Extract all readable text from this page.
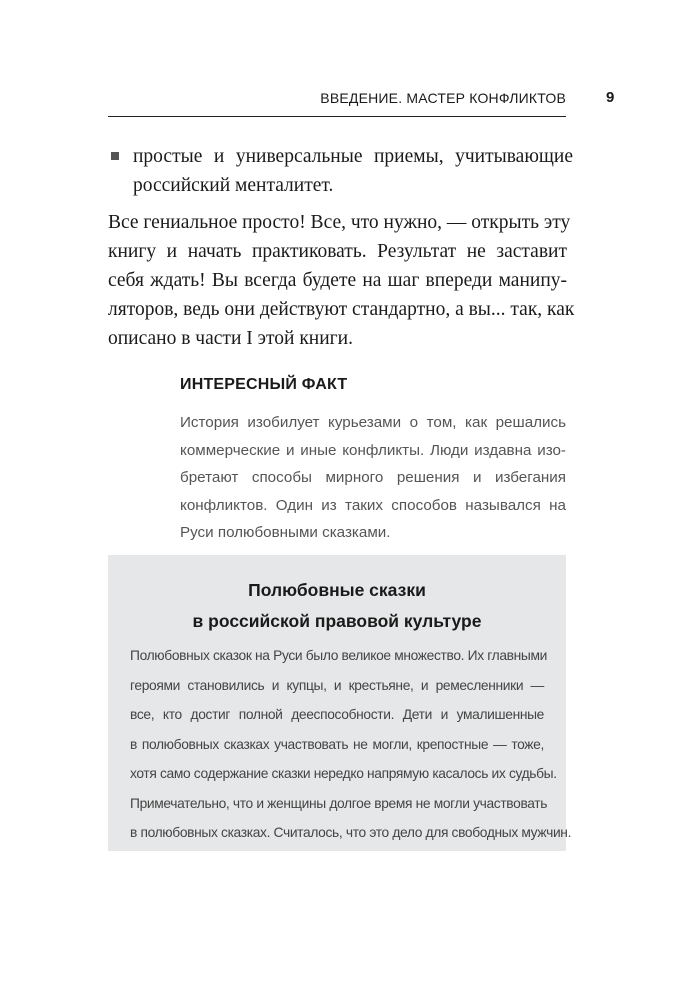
ВВЕДЕНИЕ. МАСТЕР КОНФЛИКТОВ	9
простые и универсальные приемы, учитывающие
российский менталитет.
Все гениальное просто! Все, что нужно, — открыть эту
книгу и начать практиковать. Результат не заставит
себя ждать! Вы всегда будете на шаг впереди манипу-
ляторов, ведь они действуют стандартно, а вы... так, как
описано в части I этой книги.
ИНТЕРЕСНЫЙ ФАКТ
История изобилует курьезами о том, как решались
коммерческие и иные конфликты. Люди издавна изо-
бретают способы мирного решения и избегания
конфликтов. Один из таких способов назывался на
Руси полюбовными сказками.
Полюбовные сказки
в российской правовой культуре
Полюбовных сказок на Руси было великое множество. Их главными
героями становились и купцы, и крестьяне, и ремесленники —
все, кто достиг полной дееспособности. Дети и умалишенные
в полюбовных сказках участвовать не могли, крепостные — тоже,
хотя само содержание сказки нередко напрямую касалось их судьбы.
Примечательно, что и женщины долгое время не могли участвовать
в полюбовных сказках. Считалось, что это дело для свободных мужчин.
